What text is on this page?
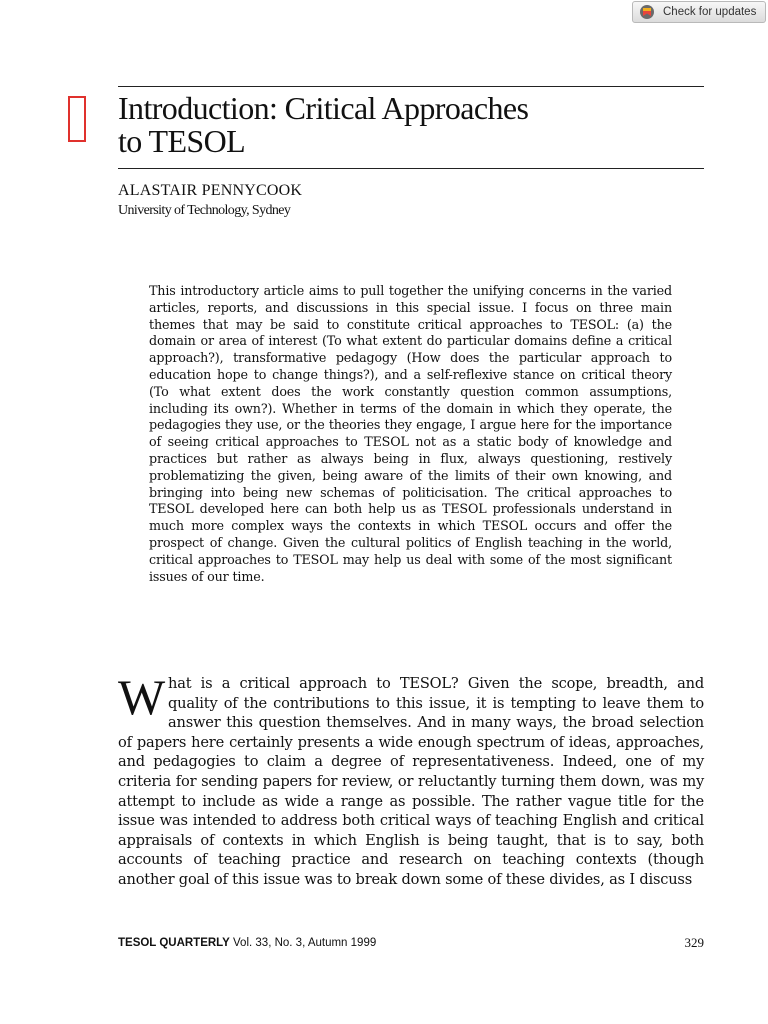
Check for updates
Introduction: Critical Approaches
to TESOL
ALASTAIR PENNYCOOK
University of Technology, Sydney

This introductory article aims to pull together the unifying concerns in the varied articles, reports, and discussions in this special issue. I focus on three main themes that may be said to constitute critical approaches to TESOL: (a) the domain or area of interest (To what extent do particular domains define a critical approach?), transformative pedagogy (How does the particular approach to education hope to change things?), and a self-reflexive stance on critical theory (To what extent does the work constantly question common assumptions, including its own?). Whether in terms of the domain in which they operate, the pedagogies they use, or the theories they engage, I argue here for the importance of seeing critical approaches to TESOL not as a static body of knowledge and practices but rather as always being in flux, always questioning, restively problematizing the given, being aware of the limits of their own knowing, and bringing into being new schemas of politicisation. The critical approaches to TESOL developed here can both help us as TESOL professionals understand in much more complex ways the contexts in which TESOL occurs and offer the prospect of change. Given the cultural politics of English teaching in the world, critical approaches to TESOL may help us deal with some of the most significant issues of our time.

What is a critical approach to TESOL? Given the scope, breadth, and quality of the contributions to this issue, it is tempting to leave them to answer this question themselves. And in many ways, the broad selection of papers here certainly presents a wide enough spectrum of ideas, approaches, and pedagogies to claim a degree of representativeness. Indeed, one of my criteria for sending papers for review, or reluctantly turning them down, was my attempt to include as wide a range as possible. The rather vague title for the issue was intended to address both critical ways of teaching English and critical appraisals of contexts in which English is being taught, that is to say, both accounts of teaching practice and research on teaching contexts (though another goal of this issue was to break down some of these divides, as I discuss

TESOL QUARTERLY Vol. 33, No. 3, Autumn 1999	329
